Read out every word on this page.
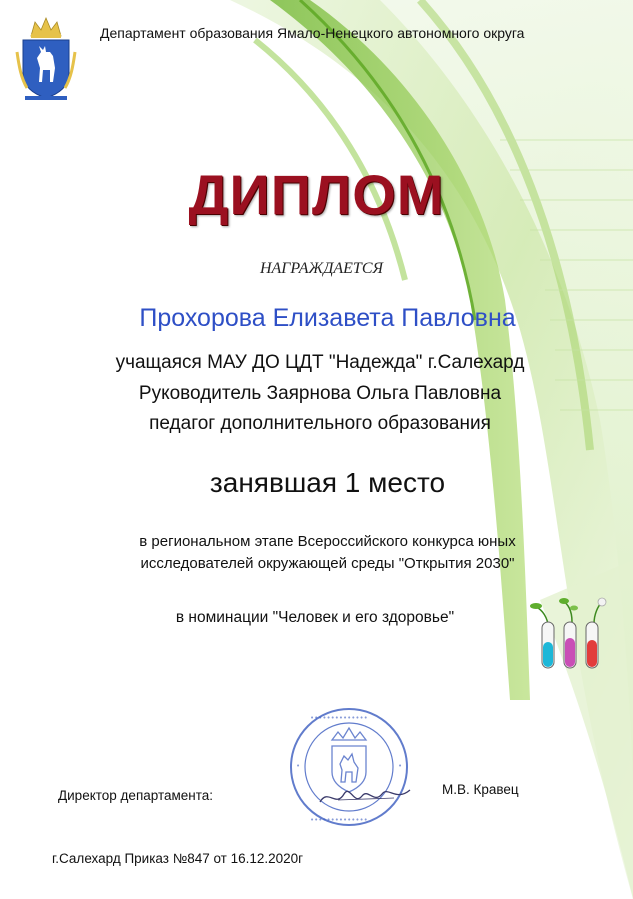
Департамент образования Ямало-Ненецкого автономного округа
ДИПЛОМ
НАГРАЖДАЕТСЯ
Прохорова Елизавета Павловна
учащаяся МАУ ДО ЦДТ "Надежда" г.Салехард
Руководитель Заярнова Ольга Павловна
педагог дополнительного образования
занявшая 1 место
в региональном этапе Всероссийского конкурса юных
исследователей окружающей среды "Открытия 2030"
в номинации "Человек и его здоровье"
••••••••••••••
•	•
••••••••••••••
Директор департамента:	М.В. Кравец
г.Салехард Приказ №847 от 16.12.2020г
